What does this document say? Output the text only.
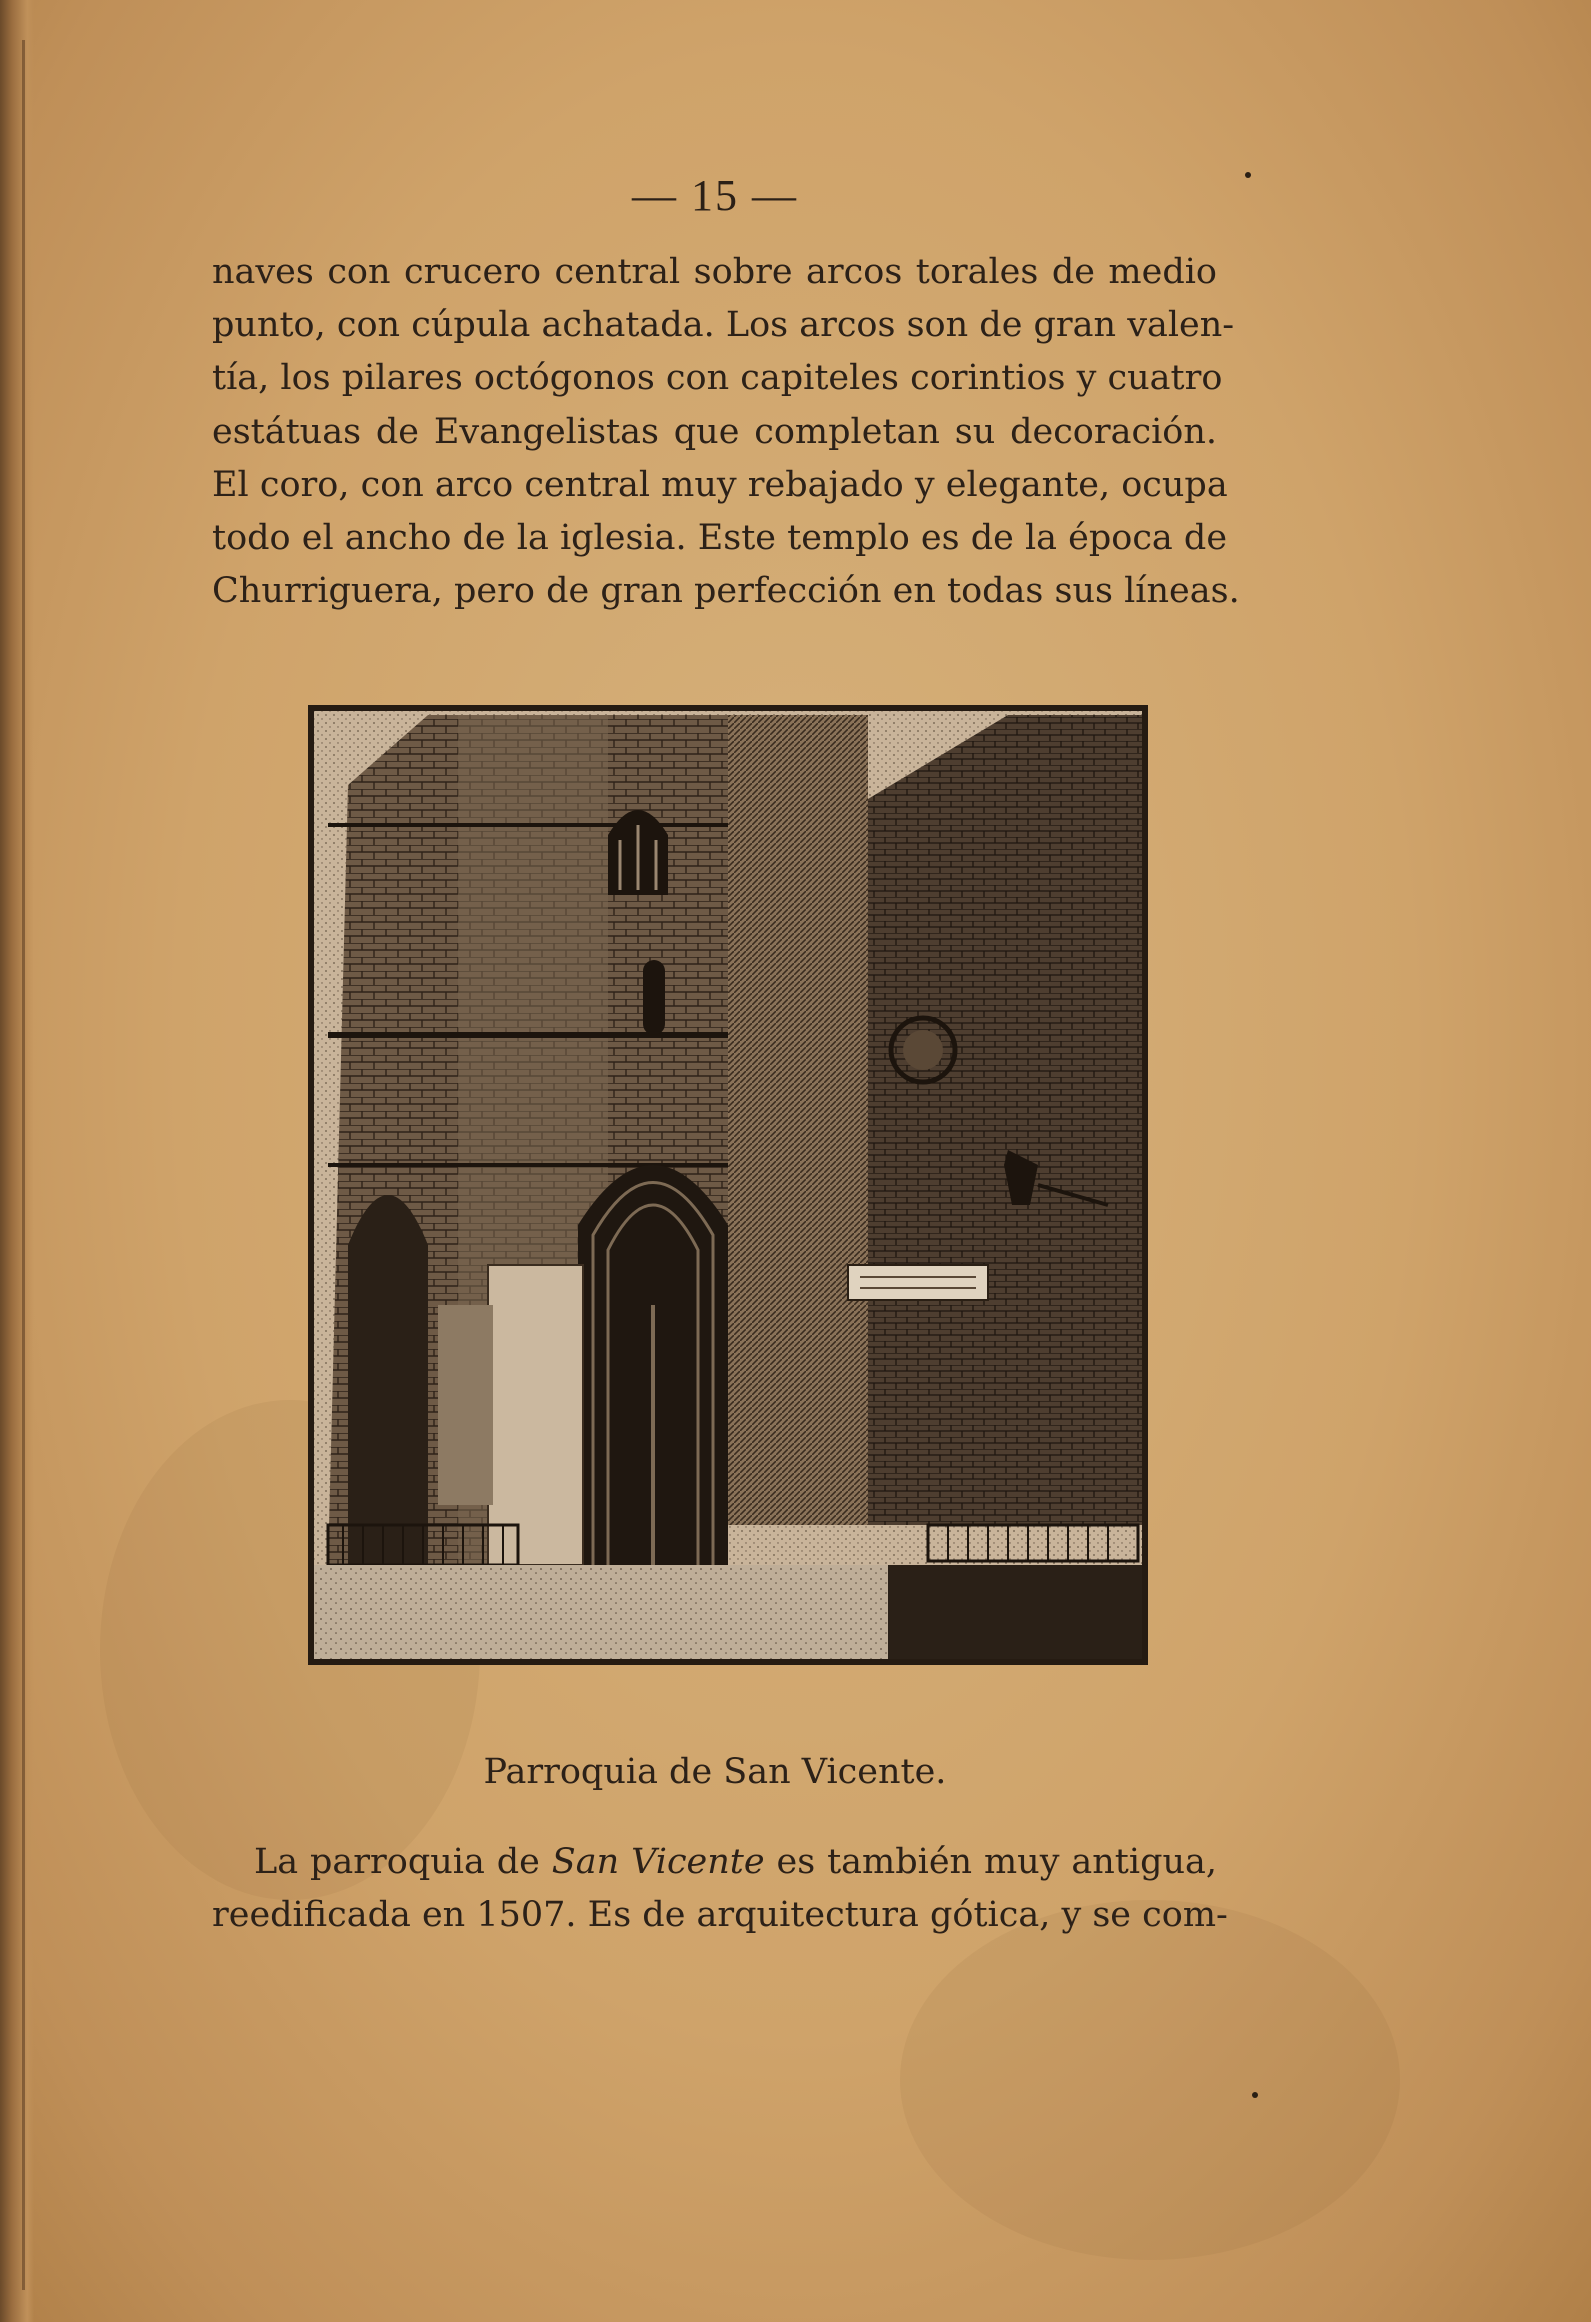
— 15 —
naves con crucero central sobre arcos torales de medio
punto, con cúpula achatada. Los arcos son de gran valen-
tía, los pilares octógonos con capiteles corintios y cuatro
estátuas de Evangelistas que completan su decoración.
El coro, con arco central muy rebajado y elegante, ocupa
todo el ancho de la iglesia. Este templo es de la época de
Churriguera, pero de gran perfección en todas sus líneas.
Parroquia de San Vicente.
La parroquia de San Vicente es también muy antigua,
reedificada en 1507. Es de arquitectura gótica, y se com-
